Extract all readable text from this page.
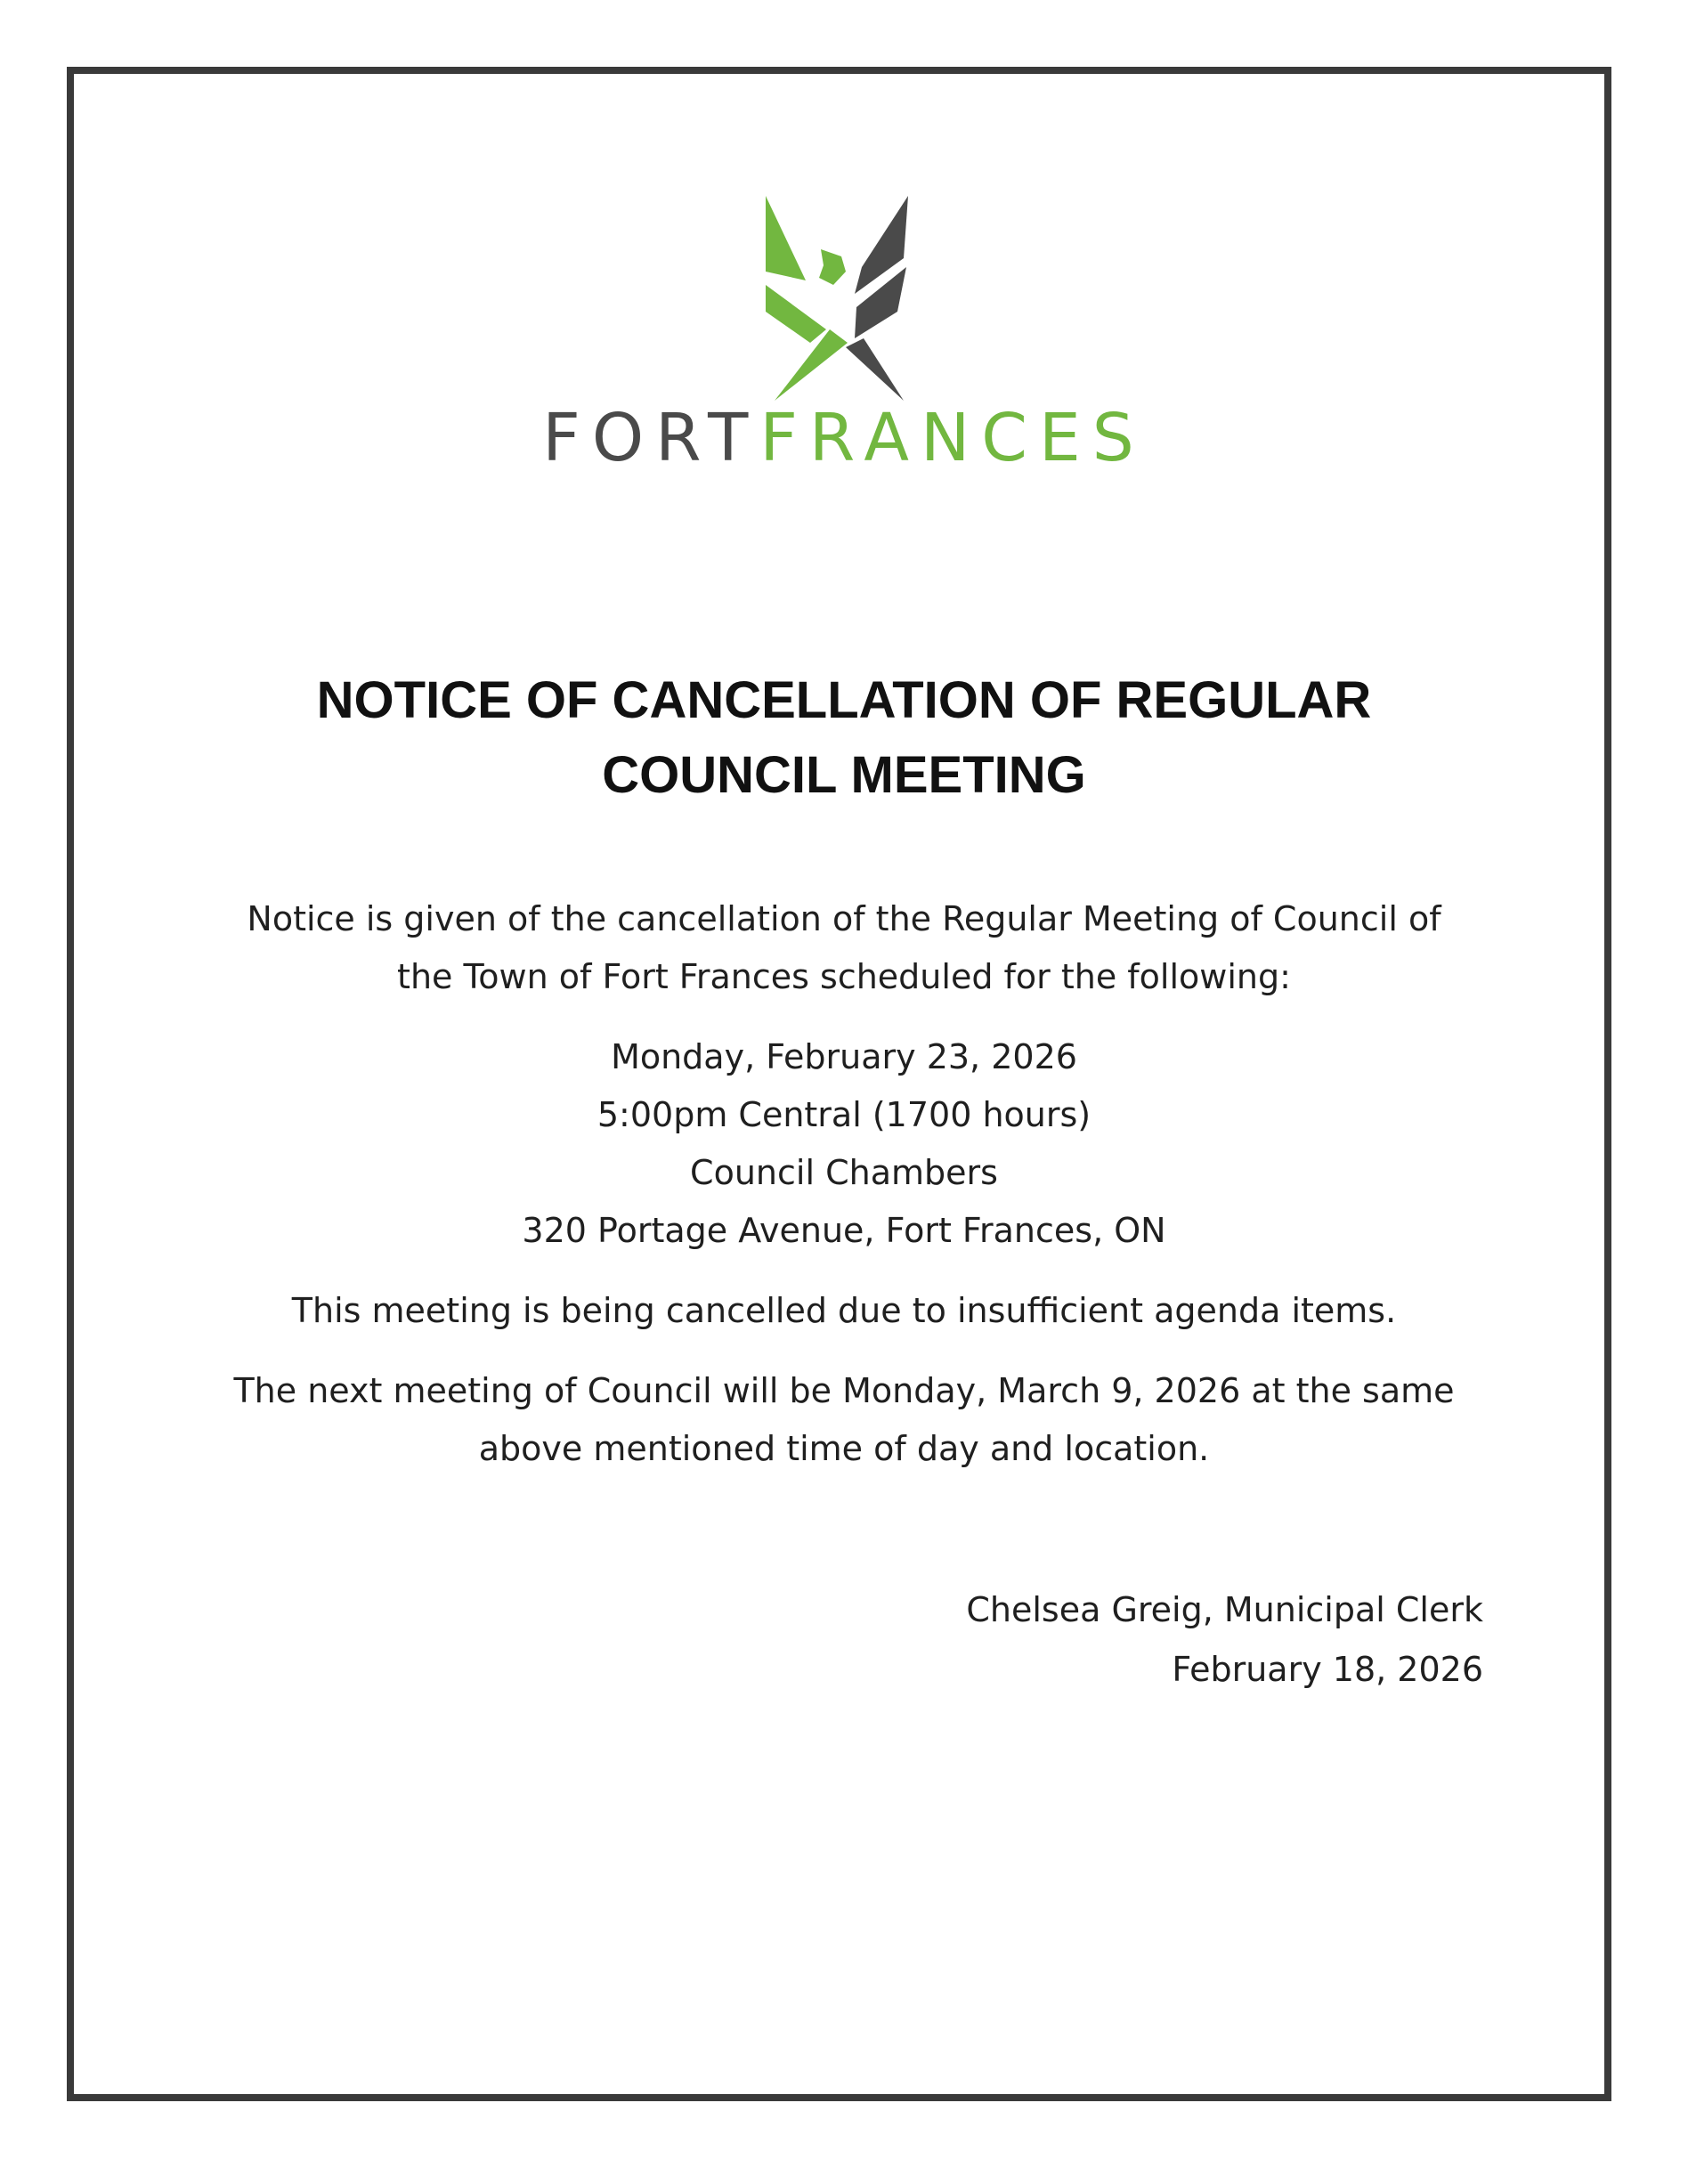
FORTFRANCES
NOTICE OF CANCELLATION OF REGULAR
COUNCIL MEETING
Notice is given of the cancellation of the Regular Meeting of Council of
the Town of Fort Frances scheduled for the following:
Monday, February 23, 2026
5:00pm Central (1700 hours)
Council Chambers
320 Portage Avenue, Fort Frances, ON
This meeting is being cancelled due to insufficient agenda items.
The next meeting of Council will be Monday, March 9, 2026 at the same
above mentioned time of day and location.
Chelsea Greig, Municipal Clerk
February 18, 2026
